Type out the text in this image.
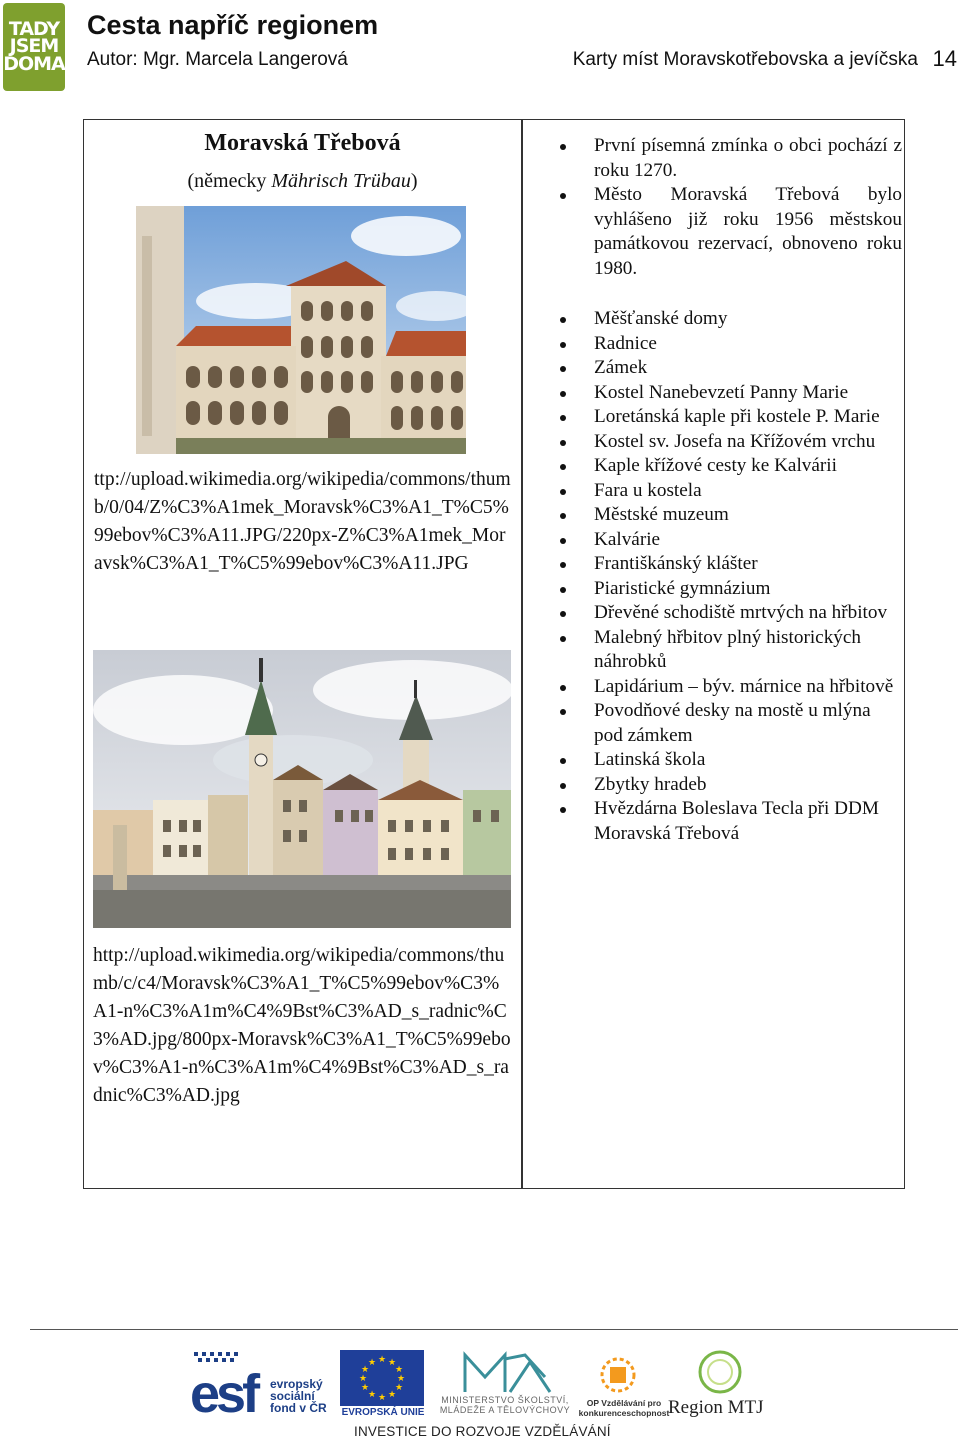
TADY
JSEM
DOMA
Cesta napříč regionem
Autor: Mgr. Marcela Langerová	Karty míst Moravskotřebovska a jevíčska 14
Moravská Třebová
(německy Mährisch Trübau)
ttp://upload.wikimedia.org/wikipedia/commons/thumb/0/04/Z%C3%A1mek_Moravsk%C3%A1_T%C5%99ebov%C3%A11.JPG/220px-Z%C3%A1mek_Moravsk%C3%A1_T%C5%99ebov%C3%A11.JPG
http://upload.wikimedia.org/wikipedia/commons/thumb/c/c4/Moravsk%C3%A1_T%C5%99ebov%C3%A1-n%C3%A1m%C4%9Bst%C3%AD_s_radnic%C3%AD.jpg/800px-Moravsk%C3%A1_T%C5%99ebov%C3%A1-n%C3%A1m%C4%9Bst%C3%AD_s_radnic%C3%AD.jpg
První písemná zmínka o obci pochází z roku 1270.
Město Moravská Třebová bylo vyhlášeno již roku 1956 městskou památkovou rezervací, obnoveno roku 1980.
Měšťanské domy
Radnice
Zámek
Kostel Nanebevzetí Panny Marie
Loretánská kaple při kostele P. Marie
Kostel sv. Josefa na Křížovém vrchu
Kaple křížové cesty ke Kalvárii
Fara u kostela
Městské muzeum
Kalvárie
Františkánský klášter
Piaristické gymnázium
Dřevěné schodiště mrtvých na hřbitov
Malebný hřbitov plný historických náhrobků
Lapidárium – býv. márnice na hřbitově
Povodňové desky na mostě u mlýna pod zámkem
Latinská škola
Zbytky hradeb
Hvězdárna Boleslava Tecla při DDM Moravská Třebová
esf	evropský
sociální
fond v ČR
★ ★
★
★
★
★
★
★
★
★
★
★
EVROPSKÁ UNIE
MINISTERSTVO ŠKOLSTVÍ, MLÁDEŽE A TĚLOVÝCHOVY
OP Vzdělávání pro konkurenceschopnost
Region MTJ
INVESTICE DO ROZVOJE VZDĚLÁVÁNÍ
